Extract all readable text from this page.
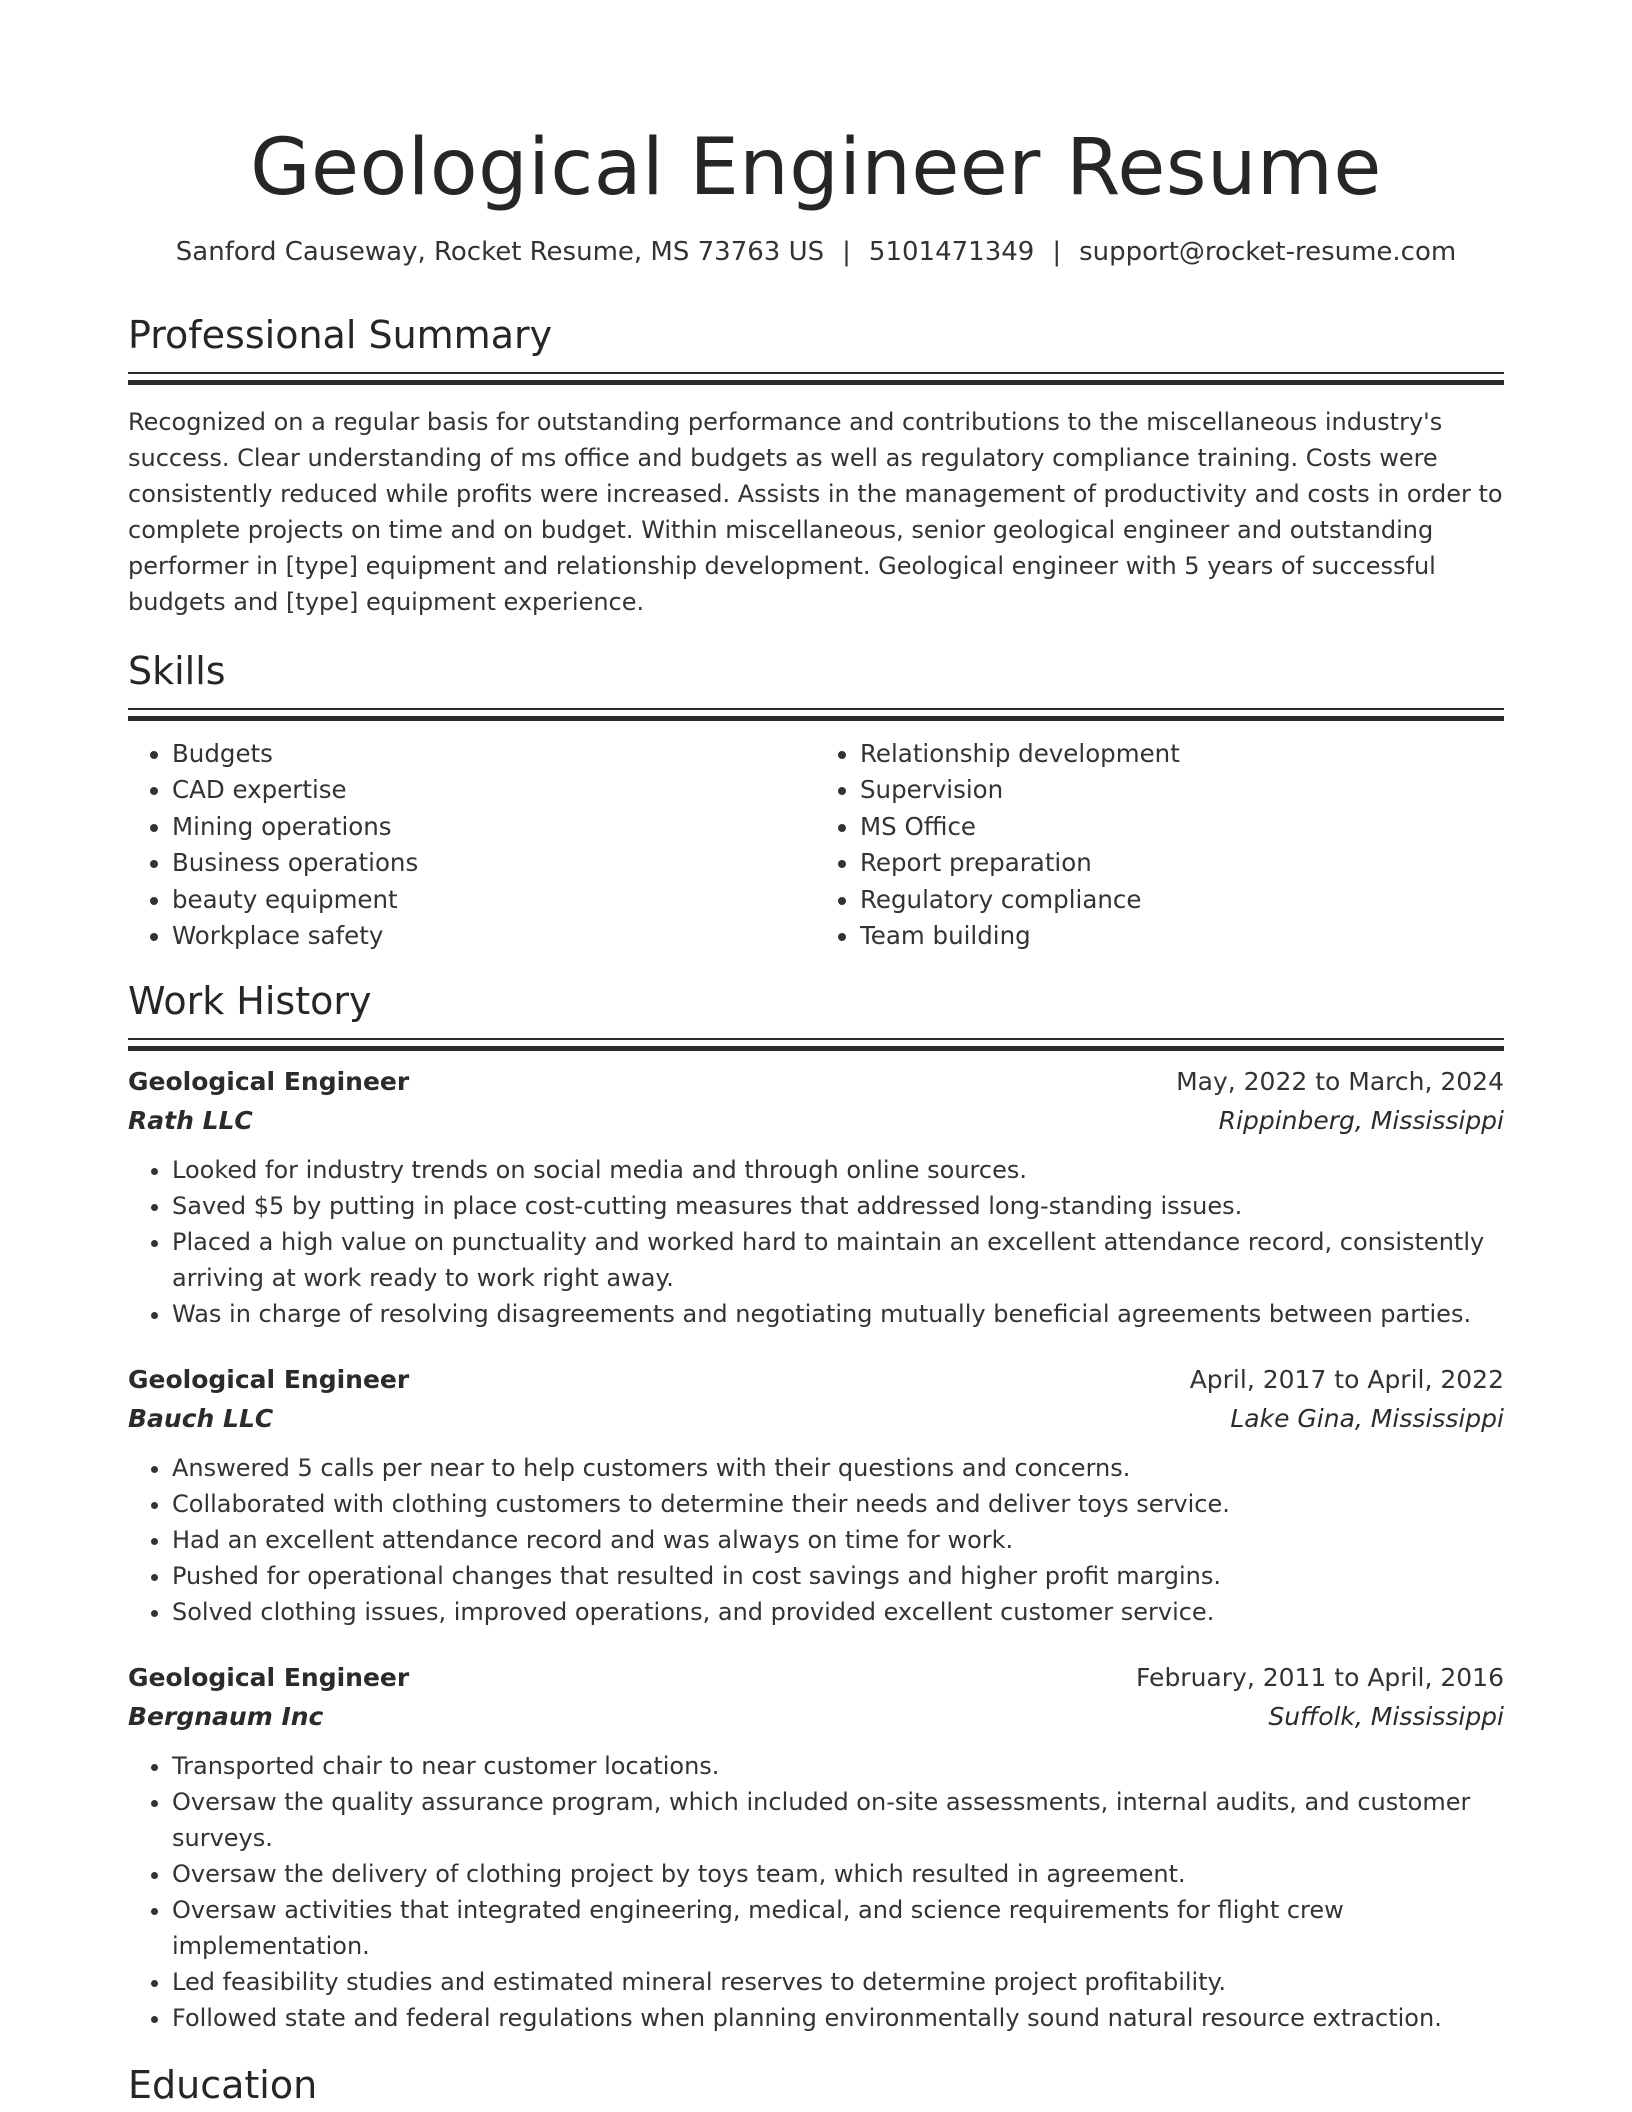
Geological Engineer Resume
Sanford Causeway, Rocket Resume, MS 73763 US | 5101471349 | support@rocket-resume.com
Professional Summary

Recognized on a regular basis for outstanding performance and contributions to the miscellaneous industry's success. Clear understanding of ms office and budgets as well as regulatory compliance training. Costs were consistently reduced while profits were increased. Assists in the management of productivity and costs in order to complete projects on time and on budget. Within miscellaneous, senior geological engineer and outstanding performer in [type] equipment and relationship development. Geological engineer with 5 years of successful budgets and [type] equipment experience.

Skills
• Budgets
• CAD expertise
• Mining operations
• Business operations
• beauty equipment
• Workplace safety
• Relationship development
• Supervision
• MS Office
• Report preparation
• Regulatory compliance
• Team building
Work History
Geological Engineer	May, 2022 to March, 2024
Rath LLC	Rippinberg, Mississippi
• Looked for industry trends on social media and through online sources.
• Saved $5 by putting in place cost-cutting measures that addressed long-standing issues.
• Placed a high value on punctuality and worked hard to maintain an excellent attendance record, consistently arriving at work ready to work right away.
• Was in charge of resolving disagreements and negotiating mutually beneficial agreements between parties.
Geological Engineer	April, 2017 to April, 2022
Bauch LLC	Lake Gina, Mississippi
• Answered 5 calls per near to help customers with their questions and concerns.
• Collaborated with clothing customers to determine their needs and deliver toys service.
• Had an excellent attendance record and was always on time for work.
• Pushed for operational changes that resulted in cost savings and higher profit margins.
• Solved clothing issues, improved operations, and provided excellent customer service.
Geological Engineer	February, 2011 to April, 2016
Bergnaum Inc	Suffolk, Mississippi
• Transported chair to near customer locations.
• Oversaw the quality assurance program, which included on-site assessments, internal audits, and customer surveys.
• Oversaw the delivery of clothing project by toys team, which resulted in agreement.
• Oversaw activities that integrated engineering, medical, and science requirements for flight crew implementation.
• Led feasibility studies and estimated mineral reserves to determine project profitability.
• Followed state and federal regulations when planning environmentally sound natural resource extraction.
Education
